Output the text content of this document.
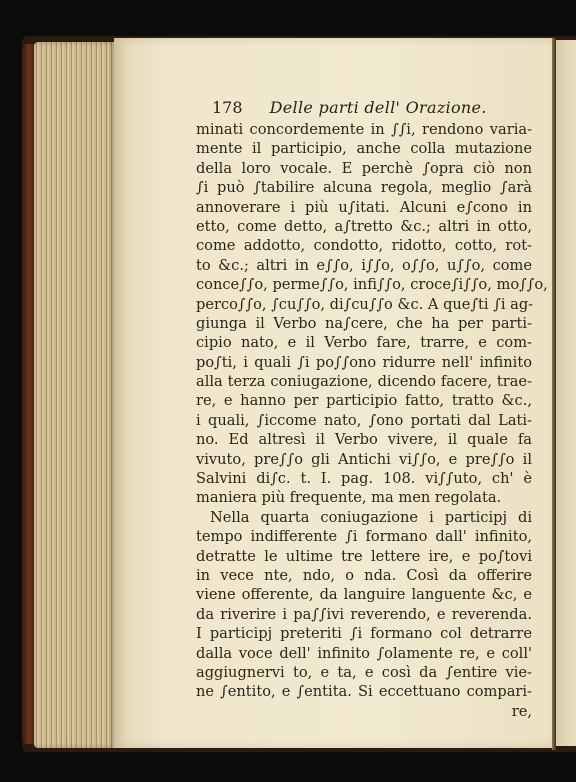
178 Delle parti dell' Orazione.
minati concordemente in ∫∫i, rendono varia-
mente il participio, anche colla mutazione
della loro vocale. E perchè ∫opra ciò non
∫i può ∫tabilire alcuna regola, meglio ∫arà
annoverare i più u∫itati. Alcuni e∫cono in
etto, come detto, a∫tretto &c.; altri in otto,
come addotto, condotto, ridotto, cotto, rot-
to &c.; altri in e∫∫o, i∫∫o, o∫∫o, u∫∫o, come
conce∫∫o, perme∫∫o, infi∫∫o, croce∫i∫∫o, mo∫∫o,
perco∫∫o, ∫cu∫∫o, di∫cu∫∫o &c. A que∫ti ∫i ag-
giunga il Verbo na∫cere, che ha per parti-
cipio nato, e il Verbo fare, trarre, e com-
po∫ti, i quali ∫i po∫∫ono ridurre nell' infinito
alla terza coniugazione, dicendo facere, trae-
re, e hanno per participio fatto, tratto &c.,
i quali, ∫iccome nato, ∫ono portati dal Lati-
no. Ed altresì il Verbo vivere, il quale fa
vivuto, pre∫∫o gli Antichi vi∫∫o, e pre∫∫o il
Salvini di∫c. t. I. pag. 108. vi∫∫uto, ch' è
maniera più frequente, ma men regolata.
Nella quarta coniugazione i participj di
tempo indifferente ∫i formano dall' infinito,
detratte le ultime tre lettere ire, e po∫tovi
in vece nte, ndo, o nda. Così da offerire
viene offerente, da languire languente &c, e
da riverire i pa∫∫ivi reverendo, e reverenda.
I participj preteriti ∫i formano col detrarre
dalla voce dell' infinito ∫olamente re, e coll'
aggiugnervi to, e ta, e così da ∫entire vie-
ne ∫entito, e ∫entita. Si eccettuano compari-
re,
